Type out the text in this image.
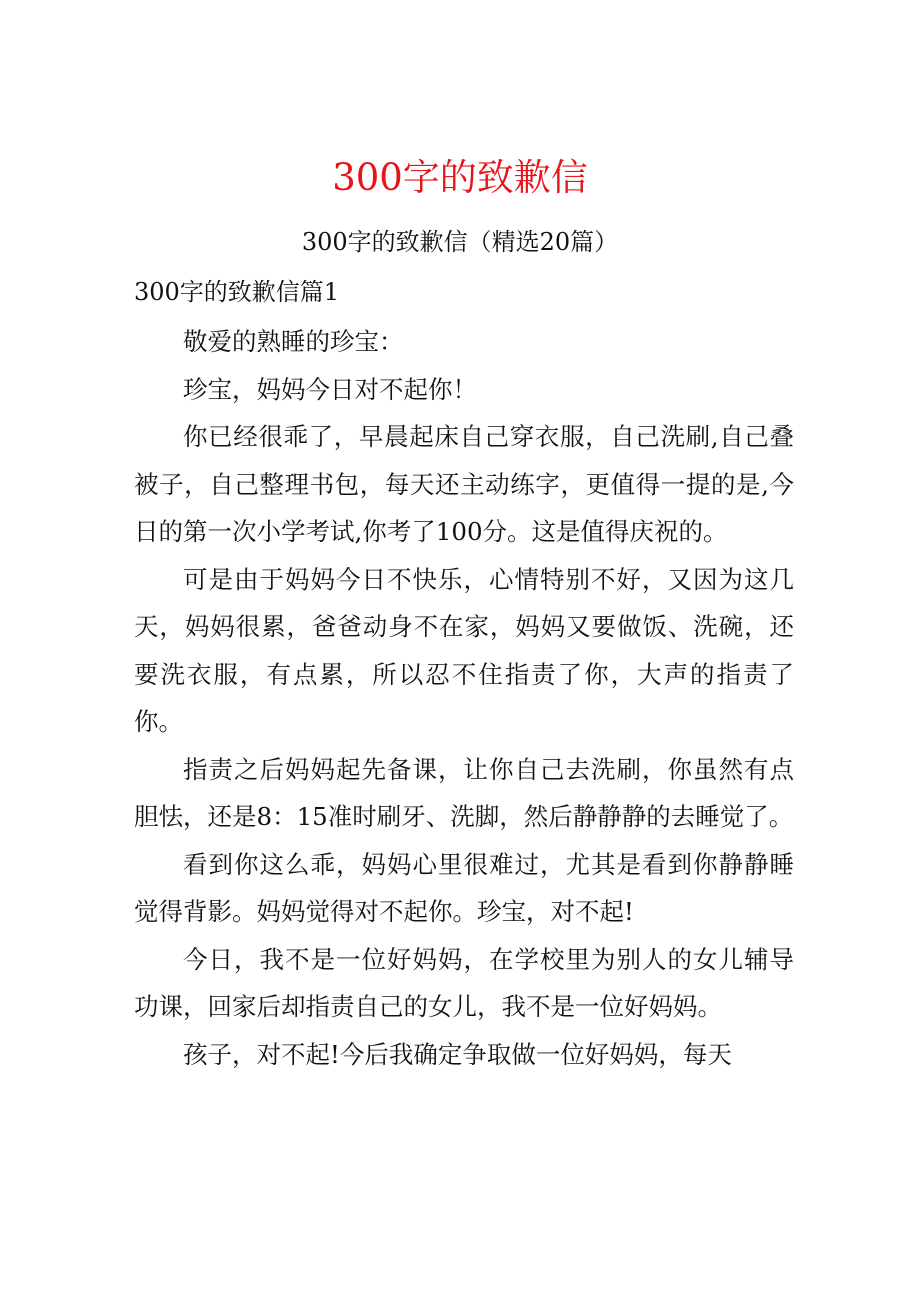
300字的致歉信
300字的致歉信（精选20篇）
300字的致歉信篇1

敬爱的熟睡的珍宝：

珍宝，妈妈今日对不起你！

你已经很乖了，早晨起床自己穿衣服，自己洗刷,自己叠被子，自己整理书包，每天还主动练字，更值得一提的是,今日的第一次小学考试,你考了100分。这是值得庆祝的。

可是由于妈妈今日不快乐，心情特别不好，又因为这几天，妈妈很累，爸爸动身不在家，妈妈又要做饭、洗碗，还要洗衣服，有点累，所以忍不住指责了你，大声的指责了你。

指责之后妈妈起先备课，让你自己去洗刷，你虽然有点胆怯，还是8：15准时刷牙、洗脚，然后静静静的去睡觉了。

看到你这么乖，妈妈心里很难过，尤其是看到你静静睡觉得背影。妈妈觉得对不起你。珍宝，对不起!

今日，我不是一位好妈妈，在学校里为别人的女儿辅导功课，回家后却指责自己的女儿，我不是一位好妈妈。

孩子，对不起!今后我确定争取做一位好妈妈，每天
